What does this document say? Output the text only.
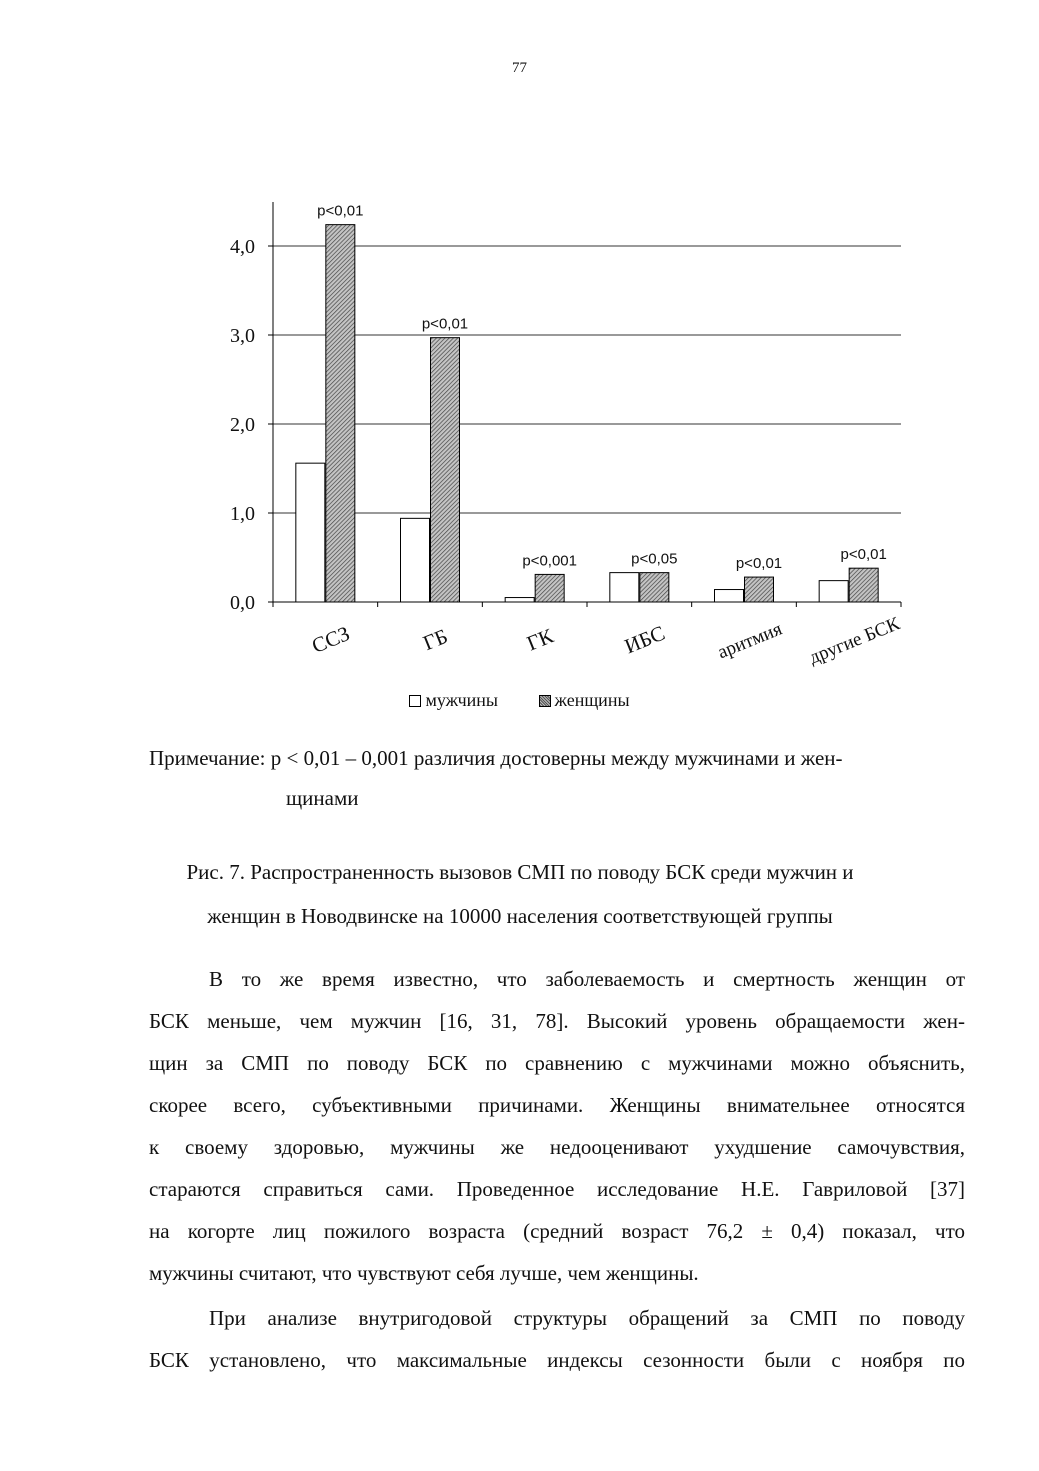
77
0,0
1,0
2,0
3,0
4,0
p<0,01
ССЗ
p<0,01
ГБ
p<0,001
ГК
p<0,05
ИБС
p<0,01
аритмия
p<0,01
другие БСК
мужчины
	женщины
Примечание: p < 0,01 – 0,001 различия достоверны между мужчинами и жен-
щинами
Рис. 7. Распространенность вызовов СМП по поводу БСК среди мужчин и
женщин в Новодвинске на 10000 населения соответствующей группы
В то же время известно, что заболеваемость и смертность женщин от
БСК меньше, чем мужчин [16, 31, 78]. Высокий уровень обращаемости жен-
щин за СМП по поводу БСК по сравнению с мужчинами можно объяснить,
скорее всего, субъективными причинами. Женщины внимательнее относятся
к своему здоровью, мужчины же недооценивают ухудшение самочувствия,
стараются справиться сами. Проведенное исследование Н.Е. Гавриловой [37]
на когорте лиц пожилого возраста (средний возраст 76,2 ± 0,4) показал, что
мужчины считают, что чувствуют себя лучше, чем женщины.
При анализе внутригодовой структуры обращений за СМП по поводу
БСК установлено, что максимальные индексы сезонности были с ноября по
